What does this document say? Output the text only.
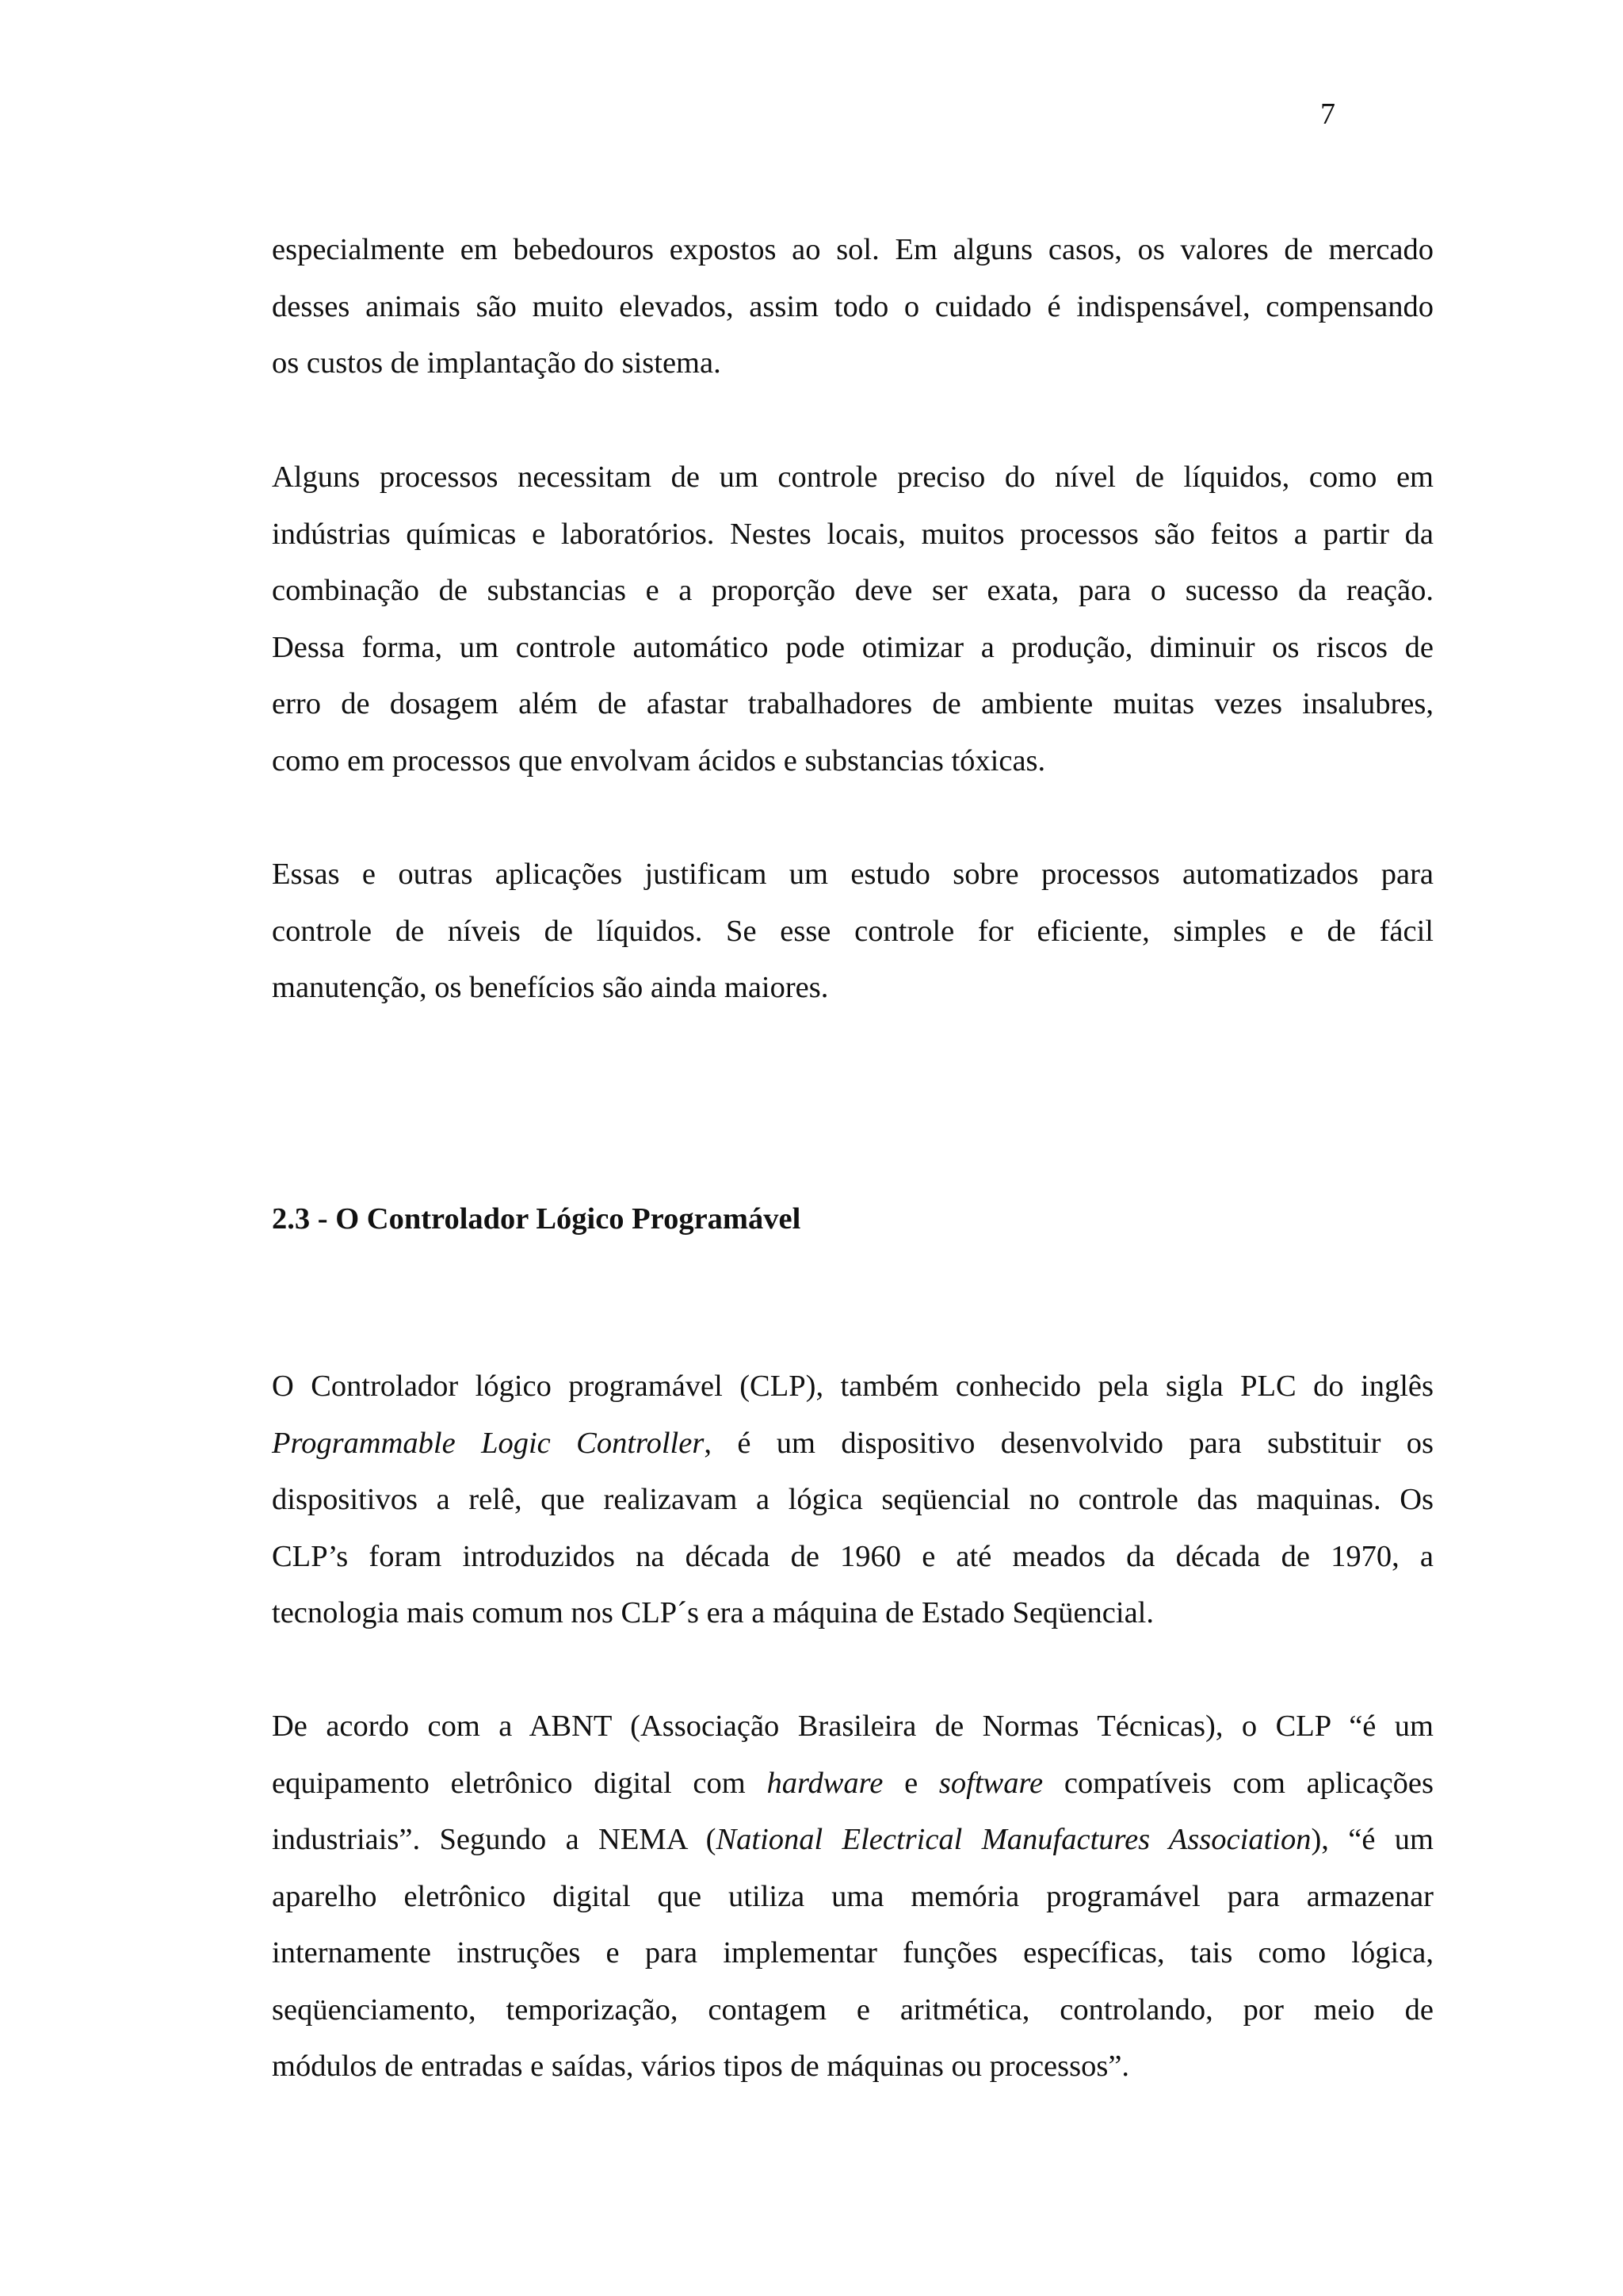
7
especialmente em bebedouros expostos ao sol. Em alguns casos, os valores de mercado
desses animais são muito elevados, assim todo o cuidado é indispensável, compensando
os custos de implantação do sistema.
Alguns processos necessitam de um controle preciso do nível de líquidos, como em
indústrias químicas e laboratórios. Nestes locais, muitos processos são feitos a partir da
combinação de substancias e a proporção deve ser exata, para o sucesso da reação.
Dessa forma, um controle automático pode otimizar a produção, diminuir os riscos de
erro de dosagem além de afastar trabalhadores de ambiente muitas vezes insalubres,
como em processos que envolvam ácidos e substancias tóxicas.
Essas e outras aplicações justificam um estudo sobre processos automatizados para
controle de níveis de líquidos. Se esse controle for eficiente, simples e de fácil
manutenção, os benefícios são ainda maiores.
2.3 - O Controlador Lógico Programável
O Controlador lógico programável (CLP), também conhecido pela sigla PLC do inglês
Programmable Logic Controller, é um dispositivo desenvolvido para substituir os
dispositivos a relê, que realizavam a lógica seqüencial no controle das maquinas. Os
CLP’s foram introduzidos na década de 1960 e até meados da década de 1970, a
tecnologia mais comum nos CLP´s era a máquina de Estado Seqüencial.
De acordo com a ABNT (Associação Brasileira de Normas Técnicas), o CLP “é um
equipamento eletrônico digital com hardware e software compatíveis com aplicações
industriais”. Segundo a NEMA (National Electrical Manufactures Association), “é um
aparelho eletrônico digital que utiliza uma memória programável para armazenar
internamente instruções e para implementar funções específicas, tais como lógica,
seqüenciamento, temporização, contagem e aritmética, controlando, por meio de
módulos de entradas e saídas, vários tipos de máquinas ou processos”.
